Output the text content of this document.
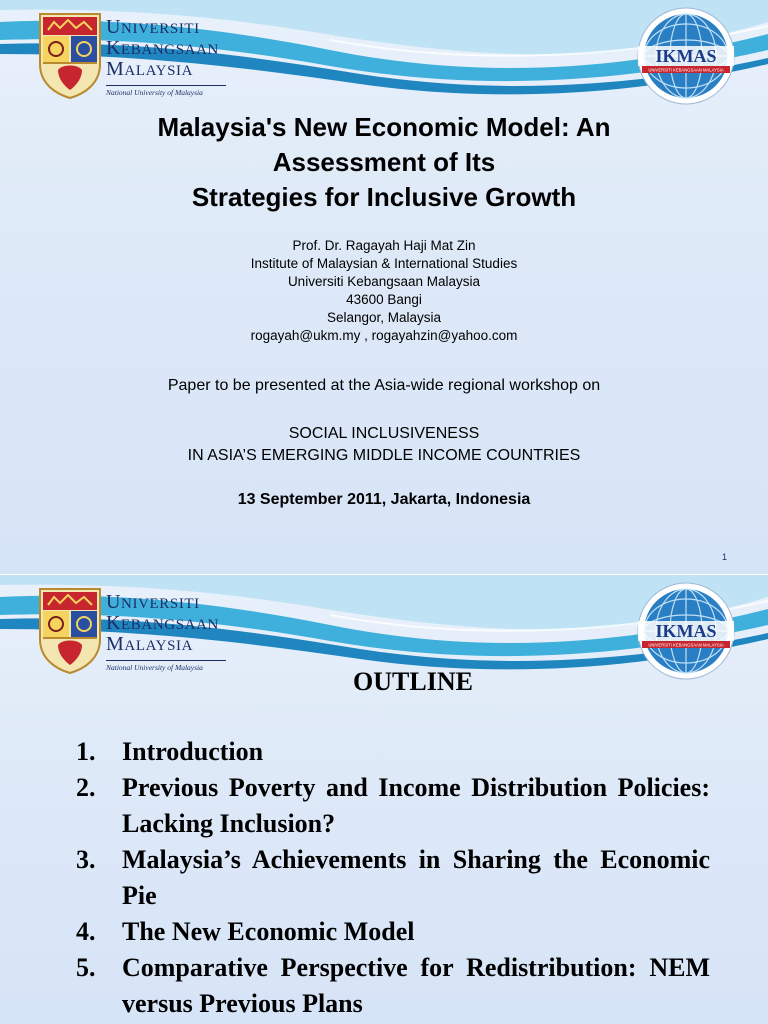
UNIVERSITI
KEBANGSAAN
MALAYSIA
National University of Malaysia
IKMAS
UNIVERSITI KEBANGSAAN MALAYSIA
Malaysia's New Economic Model: An
Assessment of Its
Strategies for Inclusive Growth
Prof. Dr. Ragayah Haji Mat Zin
Institute of Malaysian & International Studies
Universiti Kebangsaan Malaysia
43600 Bangi
Selangor, Malaysia
rogayah@ukm.my , rogayahzin@yahoo.com
Paper to be presented at the Asia-wide regional workshop on
SOCIAL INCLUSIVENESS
IN ASIA’S EMERGING MIDDLE INCOME COUNTRIES
13 September 2011, Jakarta, Indonesia
1
UNIVERSITI
KEBANGSAAN
MALAYSIA
National University of Malaysia
IKMAS
UNIVERSITI KEBANGSAAN MALAYSIA
OUTLINE
1.	Introduction
2.	Previous Poverty and Income Distribution Policies: Lacking Inclusion?
3.	Malaysia’s Achievements in Sharing the Economic Pie
4.	The New Economic Model
5.	Comparative Perspective for Redistribution: NEM versus Previous Plans
